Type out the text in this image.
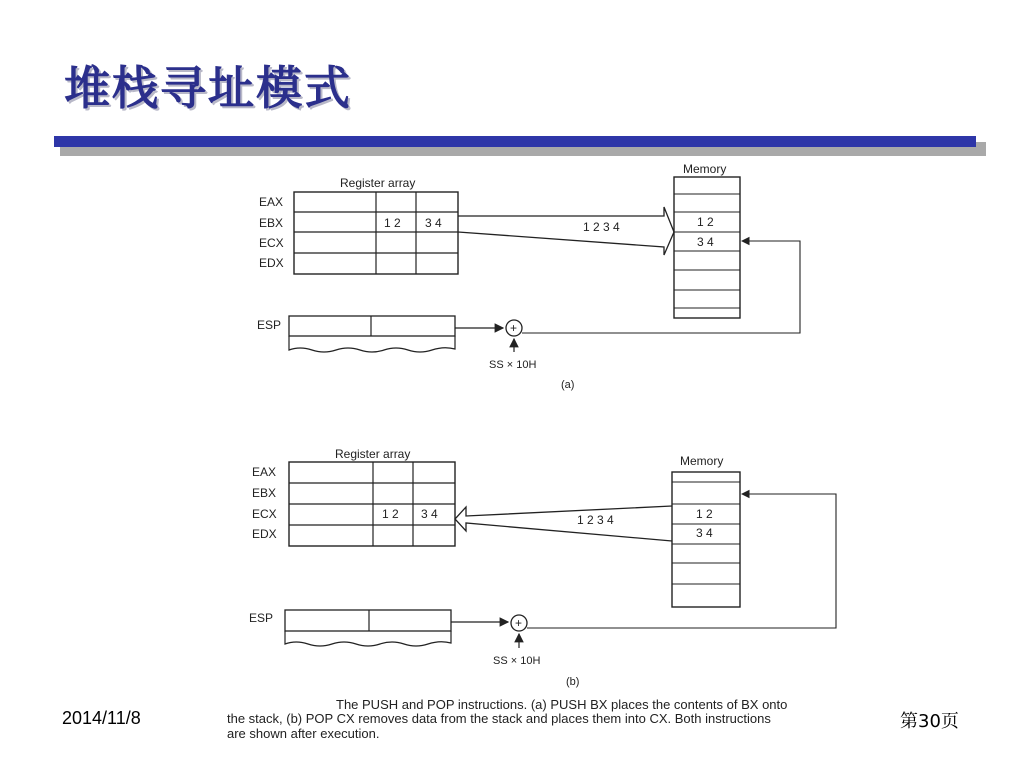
堆栈寻址模式
Register array
EAX
EBX
ECX
EDX
1 2 3 4
Memory
1 2
3 4
1 2 3 4
ESP	+
SS × 10H
(a)
Register array
EAX
EBX
ECX
EDX
1 2 3 4
Memory
1 2
3 4
1 2 3 4
ESP	+
SS × 10H
(b)
The PUSH and POP instructions. (a) PUSH BX places the contents of BX onto
the stack, (b) POP CX removes data from the stack and places them into CX. Both instructions
are shown after execution.
2014/11/8	第30页
